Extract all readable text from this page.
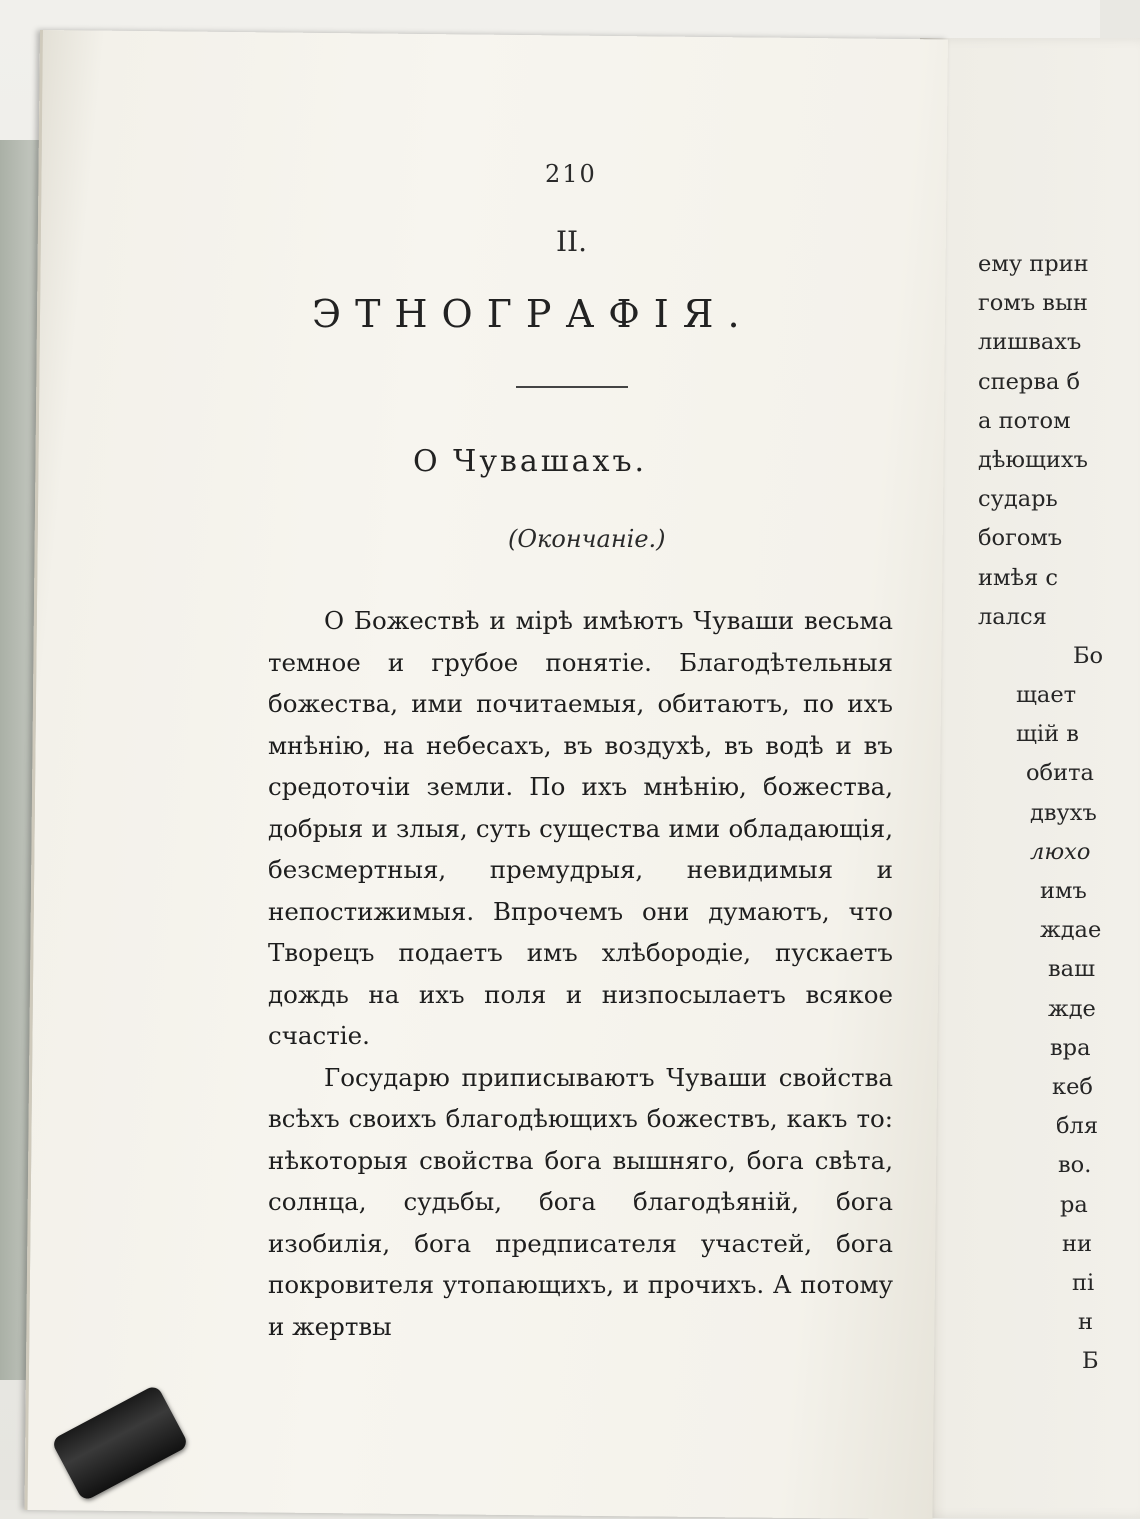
210
II.
ЭТНОГРАФІЯ.
О Чувашахъ.
(Окончаніе.)

О Божествѣ и мірѣ имѣютъ Чуваши весьма темное и грубое понятіе. Благодѣтельныя божества, ими почитаемыя, обитаютъ, по ихъ мнѣнію, на небесахъ, въ воздухѣ, въ водѣ и въ средоточіи земли. По ихъ мнѣнію, божества, добрыя и злыя, суть существа ими обладающія, безсмертныя, премудрыя, невидимыя и непостижимыя. Впрочемъ они думаютъ, что Творецъ подаетъ имъ хлѣбородіе, пускаетъ дождь на ихъ поля и низпосылаетъ всякое счастіе.

Государю приписываютъ Чуваши свойства всѣхъ своихъ благодѣющихъ божествъ, какъ то: нѣкоторыя свойства бога вышняго, бога свѣта, солнца, судьбы, бога благодѣяній, бога изобилія, бога предписателя участей, бога покровителя утопающихъ, и прочихъ. А потому и жертвы

ему прин
гомъ вын
лишвахъ
сперва б
а потом
дѣющихъ
сударь
богомъ
имѣя с
лался
Бо
щает
щій в
обита
двухъ
люхо
имъ
ждае
ваш
жде
вра
кеб
бля
во.
ра
ни
пі
н
Б
